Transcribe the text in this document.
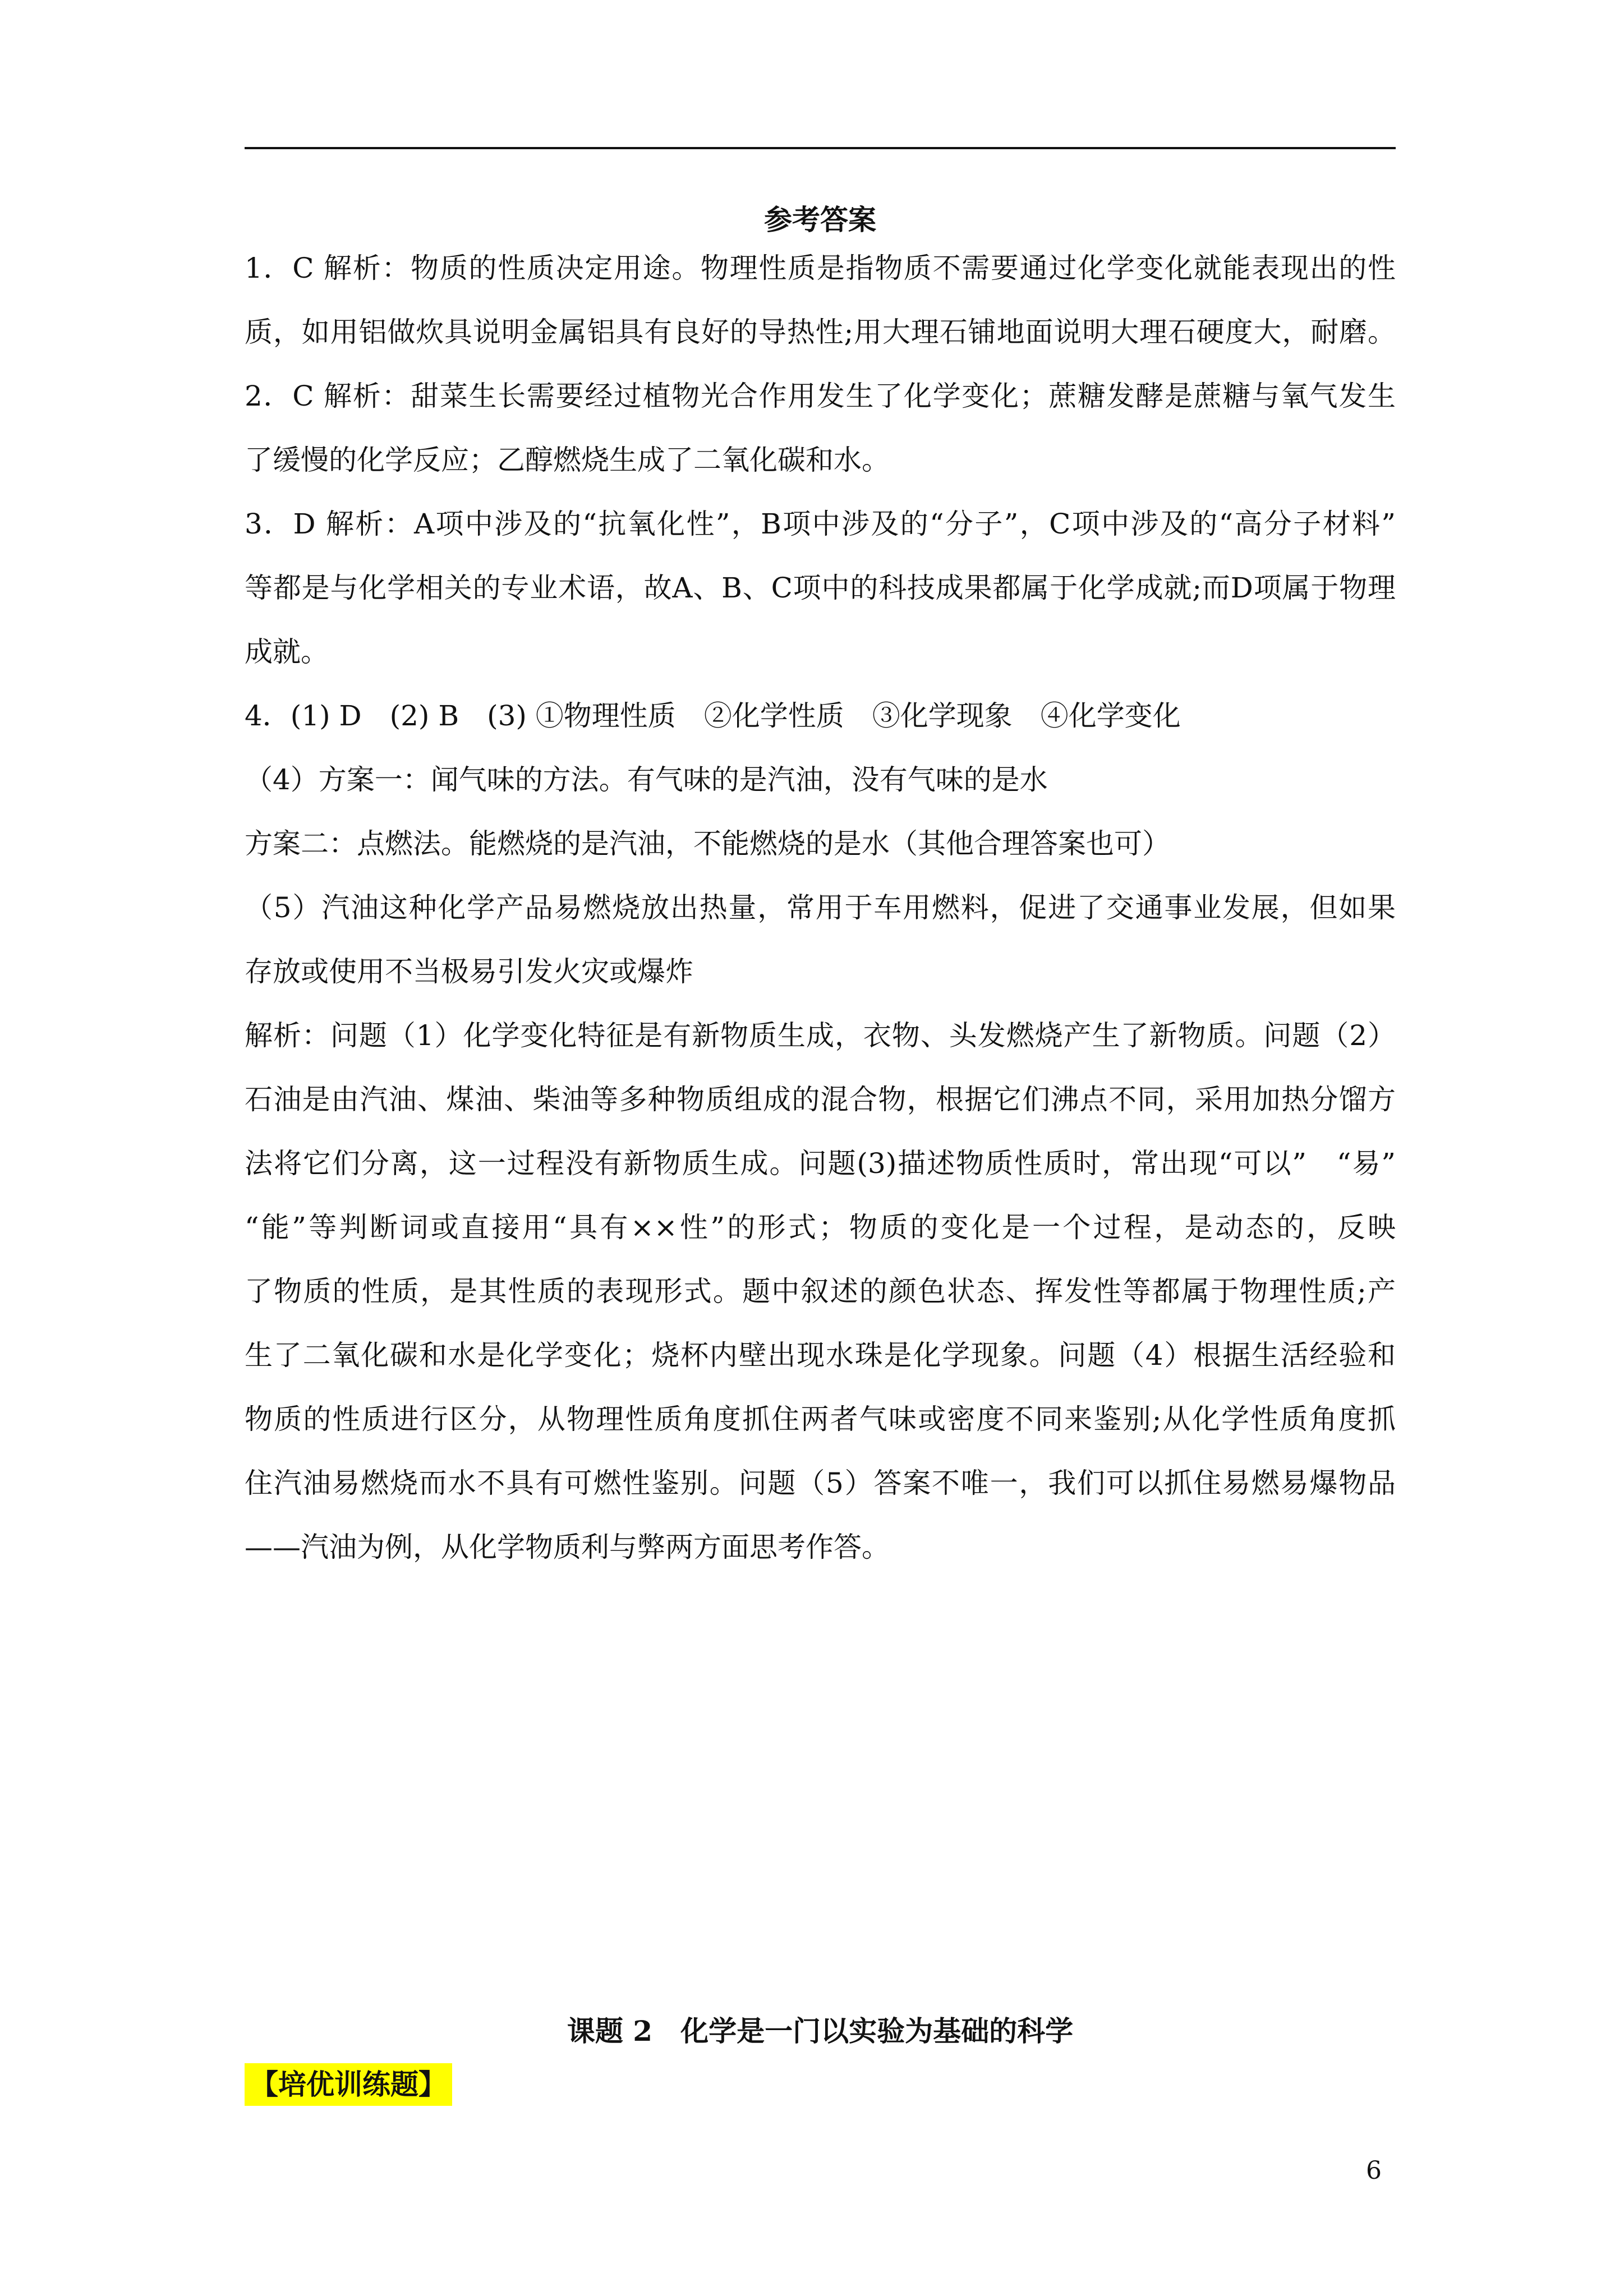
参考答案
1．C 解析：物质的性质决定用途。物理性质是指物质不需要通过化学变化就能表现出的性
质，如用铝做炊具说明金属铝具有良好的导热性;用大理石铺地面说明大理石硬度大，耐磨。
2．C 解析：甜菜生长需要经过植物光合作用发生了化学变化；蔗糖发酵是蔗糖与氧气发生
了缓慢的化学反应；乙醇燃烧生成了二氧化碳和水。
3．D 解析：A项中涉及的“抗氧化性”，B项中涉及的“分子”，C项中涉及的“高分子材料”
等都是与化学相关的专业术语，故A、B、C项中的科技成果都属于化学成就;而D项属于物理
成就。
4．(1) D　(2) B　(3) ①物理性质　②化学性质　③化学现象　④化学变化
（4）方案一：闻气味的方法。有气味的是汽油，没有气味的是水
方案二：点燃法。能燃烧的是汽油，不能燃烧的是水（其他合理答案也可）
（5）汽油这种化学产品易燃烧放出热量，常用于车用燃料，促进了交通事业发展，但如果
存放或使用不当极易引发火灾或爆炸
解析：问题（1）化学变化特征是有新物质生成，衣物、头发燃烧产生了新物质。问题（2）
石油是由汽油、煤油、柴油等多种物质组成的混合物，根据它们沸点不同，采用加热分馏方
法将它们分离，这一过程没有新物质生成。问题(3)描述物质性质时，常出现“可以”　“易”
“能”等判断词或直接用“具有××性”的形式；物质的变化是一个过程，是动态的，反映
了物质的性质，是其性质的表现形式。题中叙述的颜色状态、挥发性等都属于物理性质;产
生了二氧化碳和水是化学变化；烧杯内壁出现水珠是化学现象。问题（4）根据生活经验和
物质的性质进行区分，从物理性质角度抓住两者气味或密度不同来鉴别;从化学性质角度抓
住汽油易燃烧而水不具有可燃性鉴别。问题（5）答案不唯一，我们可以抓住易燃易爆物品
——汽油为例，从化学物质利与弊两方面思考作答。
课题 2　化学是一门以实验为基础的科学
【培优训练题】
6
